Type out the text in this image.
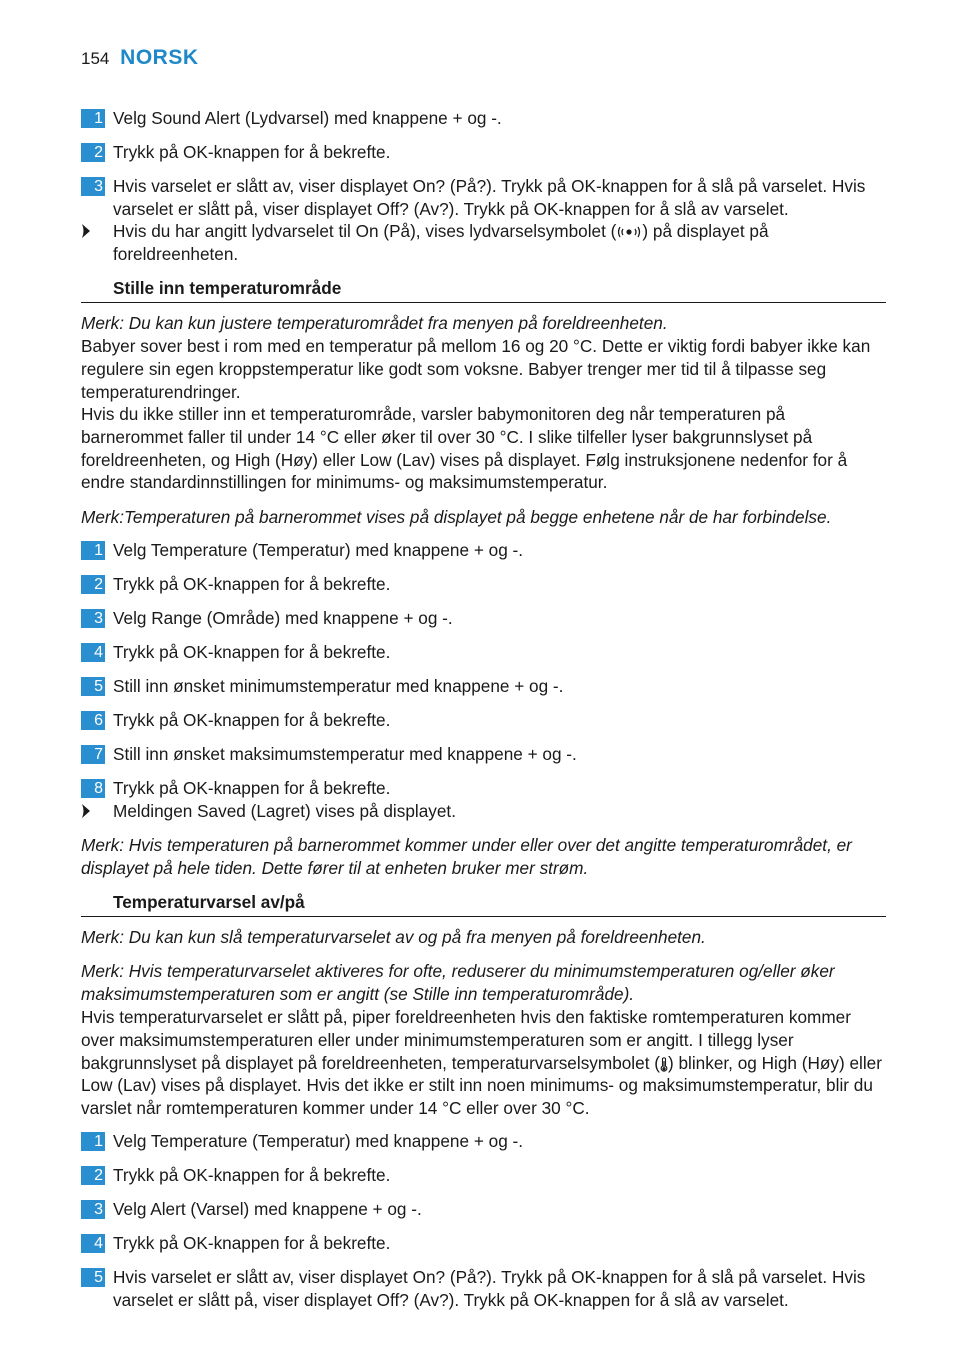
154 NORSK
1 Velg Sound Alert (Lydvarsel) med knappene + og -.
2 Trykk på OK-knappen for å bekrefte.
3 Hvis varselet er slått av, viser displayet On? (På?). Trykk på OK-knappen for å slå på varselet. Hvis varselet er slått på, viser displayet Off? (Av?). Trykk på OK-knappen for å slå av varselet.
Hvis du har angitt lydvarselet til On (På), vises lydvarselsymbolet ( ) på displayet på foreldreenheten.
Stille inn temperaturområde
Merk: Du kan kun justere temperaturområdet fra menyen på foreldreenheten.
Babyer sover best i rom med en temperatur på mellom 16 og 20 °C. Dette er viktig fordi babyer ikke kan regulere sin egen kroppstemperatur like godt som voksne. Babyer trenger mer tid til å tilpasse seg temperaturendringer.
Hvis du ikke stiller inn et temperaturområde, varsler babymonitoren deg når temperaturen på barnerommet faller til under 14 °C eller øker til over 30 °C. I slike tilfeller lyser bakgrunnslyset på foreldreenheten, og High (Høy) eller Low (Lav) vises på displayet. Følg instruksjonene nedenfor for å endre standardinnstillingen for minimums- og maksimumstemperatur.
Merk:Temperaturen på barnerommet vises på displayet på begge enhetene når de har forbindelse.
1 Velg Temperature (Temperatur) med knappene + og -.
2 Trykk på OK-knappen for å bekrefte.
3 Velg Range (Område) med knappene + og -.
4 Trykk på OK-knappen for å bekrefte.
5 Still inn ønsket minimumstemperatur med knappene + og -.
6 Trykk på OK-knappen for å bekrefte.
7 Still inn ønsket maksimumstemperatur med knappene + og -.
8 Trykk på OK-knappen for å bekrefte.
Meldingen Saved (Lagret) vises på displayet.
Merk: Hvis temperaturen på barnerommet kommer under eller over det angitte temperaturområdet, er displayet på hele tiden. Dette fører til at enheten bruker mer strøm.
Temperaturvarsel av/på
Merk: Du kan kun slå temperaturvarselet av og på fra menyen på foreldreenheten.
Merk: Hvis temperaturvarselet aktiveres for ofte, reduserer du minimumstemperaturen og/eller øker maksimumstemperaturen som er angitt (se Stille inn temperaturområde).
Hvis temperaturvarselet er slått på, piper foreldreenheten hvis den faktiske romtemperaturen kommer over maksimumstemperaturen eller under minimumstemperaturen som er angitt. I tillegg lyser bakgrunnslyset på displayet på foreldreenheten, temperaturvarselsymbolet ( ) blinker, og High (Høy) eller Low (Lav) vises på displayet. Hvis det ikke er stilt inn noen minimums- og maksimumstemperatur, blir du varslet når romtemperaturen kommer under 14 °C eller over 30 °C.
1 Velg Temperature (Temperatur) med knappene + og -.
2 Trykk på OK-knappen for å bekrefte.
3 Velg Alert (Varsel) med knappene + og -.
4 Trykk på OK-knappen for å bekrefte.
5 Hvis varselet er slått av, viser displayet On? (På?). Trykk på OK-knappen for å slå på varselet. Hvis varselet er slått på, viser displayet Off? (Av?). Trykk på OK-knappen for å slå av varselet.
